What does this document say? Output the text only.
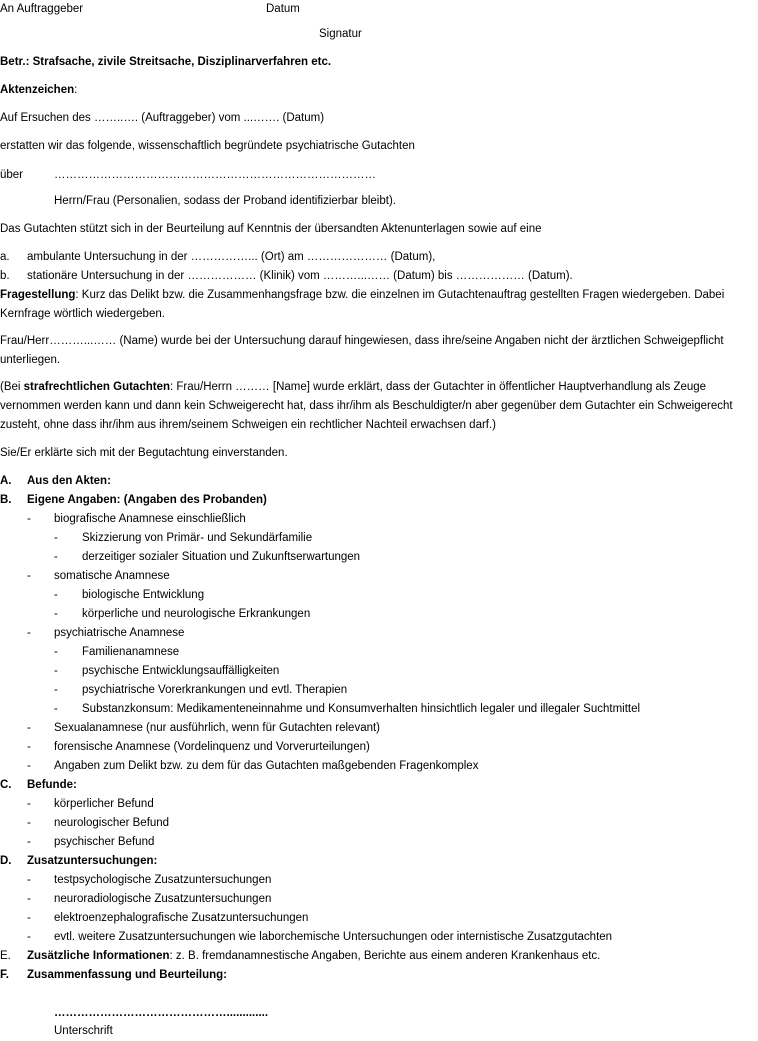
An Auftraggeber	Datum
Signatur
Betr.: Strafsache, zivile Streitsache, Disziplinarverfahren etc.
Aktenzeichen:
Auf Ersuchen des ……..…. (Auftraggeber) vom ...……. (Datum)
erstatten wir das folgende, wissenschaftlich begründete psychiatrische Gutachten
über	…………………………………………………………………………
Herrn/Frau (Personalien, sodass der Proband identifizierbar bleibt).
Das Gutachten stützt sich in der Beurteilung auf Kenntnis der übersandten Aktenunterlagen sowie auf eine
a. ambulante Untersuchung in der ……………... (Ort) am ………………… (Datum),
b. stationäre Untersuchung in der ……………… (Klinik) vom ………...…… (Datum) bis ……………… (Datum).
Fragestellung: Kurz das Delikt bzw. die Zusammenhangsfrage bzw. die einzelnen im Gutachtenauftrag gestellten Fragen wiedergeben. Dabei Kernfrage wörtlich wiedergeben.
Frau/Herr………...…… (Name) wurde bei der Untersuchung darauf hingewiesen, dass ihre/seine Angaben nicht der ärztlichen Schweigepflicht unterliegen.
(Bei strafrechtlichen Gutachten: Frau/Herrn ……… [Name] wurde erklärt, dass der Gutachter in öffentlicher Hauptverhandlung als Zeuge vernommen werden kann und dann kein Schweigerecht hat, dass ihr/ihm als Beschuldigter/n aber gegenüber dem Gutachter ein Schweigerecht zusteht, ohne dass ihr/ihm aus ihrem/seinem Schweigen ein rechtlicher Nachteil erwachsen darf.)
Sie/Er erklärte sich mit der Begutachtung einverstanden.
A. Aus den Akten:
B. Eigene Angaben: (Angaben des Probanden)
- biografische Anamnese einschließlich
- Skizzierung von Primär- und Sekundärfamilie
- derzeitiger sozialer Situation und Zukunftserwartungen
- somatische Anamnese
- biologische Entwicklung
- körperliche und neurologische Erkrankungen
- psychiatrische Anamnese
- Familienanamnese
- psychische Entwicklungsauffälligkeiten
- psychiatrische Vorerkrankungen und evtl. Therapien
- Substanzkonsum: Medikamenteneinnahme und Konsumverhalten hinsichtlich legaler und illegaler Suchtmittel
- Sexualanamnese (nur ausführlich, wenn für Gutachten relevant)
- forensische Anamnese (Vordelinquenz und Vorverurteilungen)
- Angaben zum Delikt bzw. zu dem für das Gutachten maßgebenden Fragenkomplex
C. Befunde:
- körperlicher Befund
- neurologischer Befund
- psychischer Befund
D. Zusatzuntersuchungen:
- testpsychologische Zusatzuntersuchungen
- neuroradiologische Zusatzuntersuchungen
- elektroenzephalografische Zusatzuntersuchungen
- evtl. weitere Zusatzuntersuchungen wie laborchemische Untersuchungen oder internistische Zusatzgutachten
E. Zusätzliche Informationen: z. B. fremdanamnestische Angaben, Berichte aus einem anderen Krankenhaus etc.
F. Zusammenfassung und Beurteilung:
……………………………………….............
Unterschrift
